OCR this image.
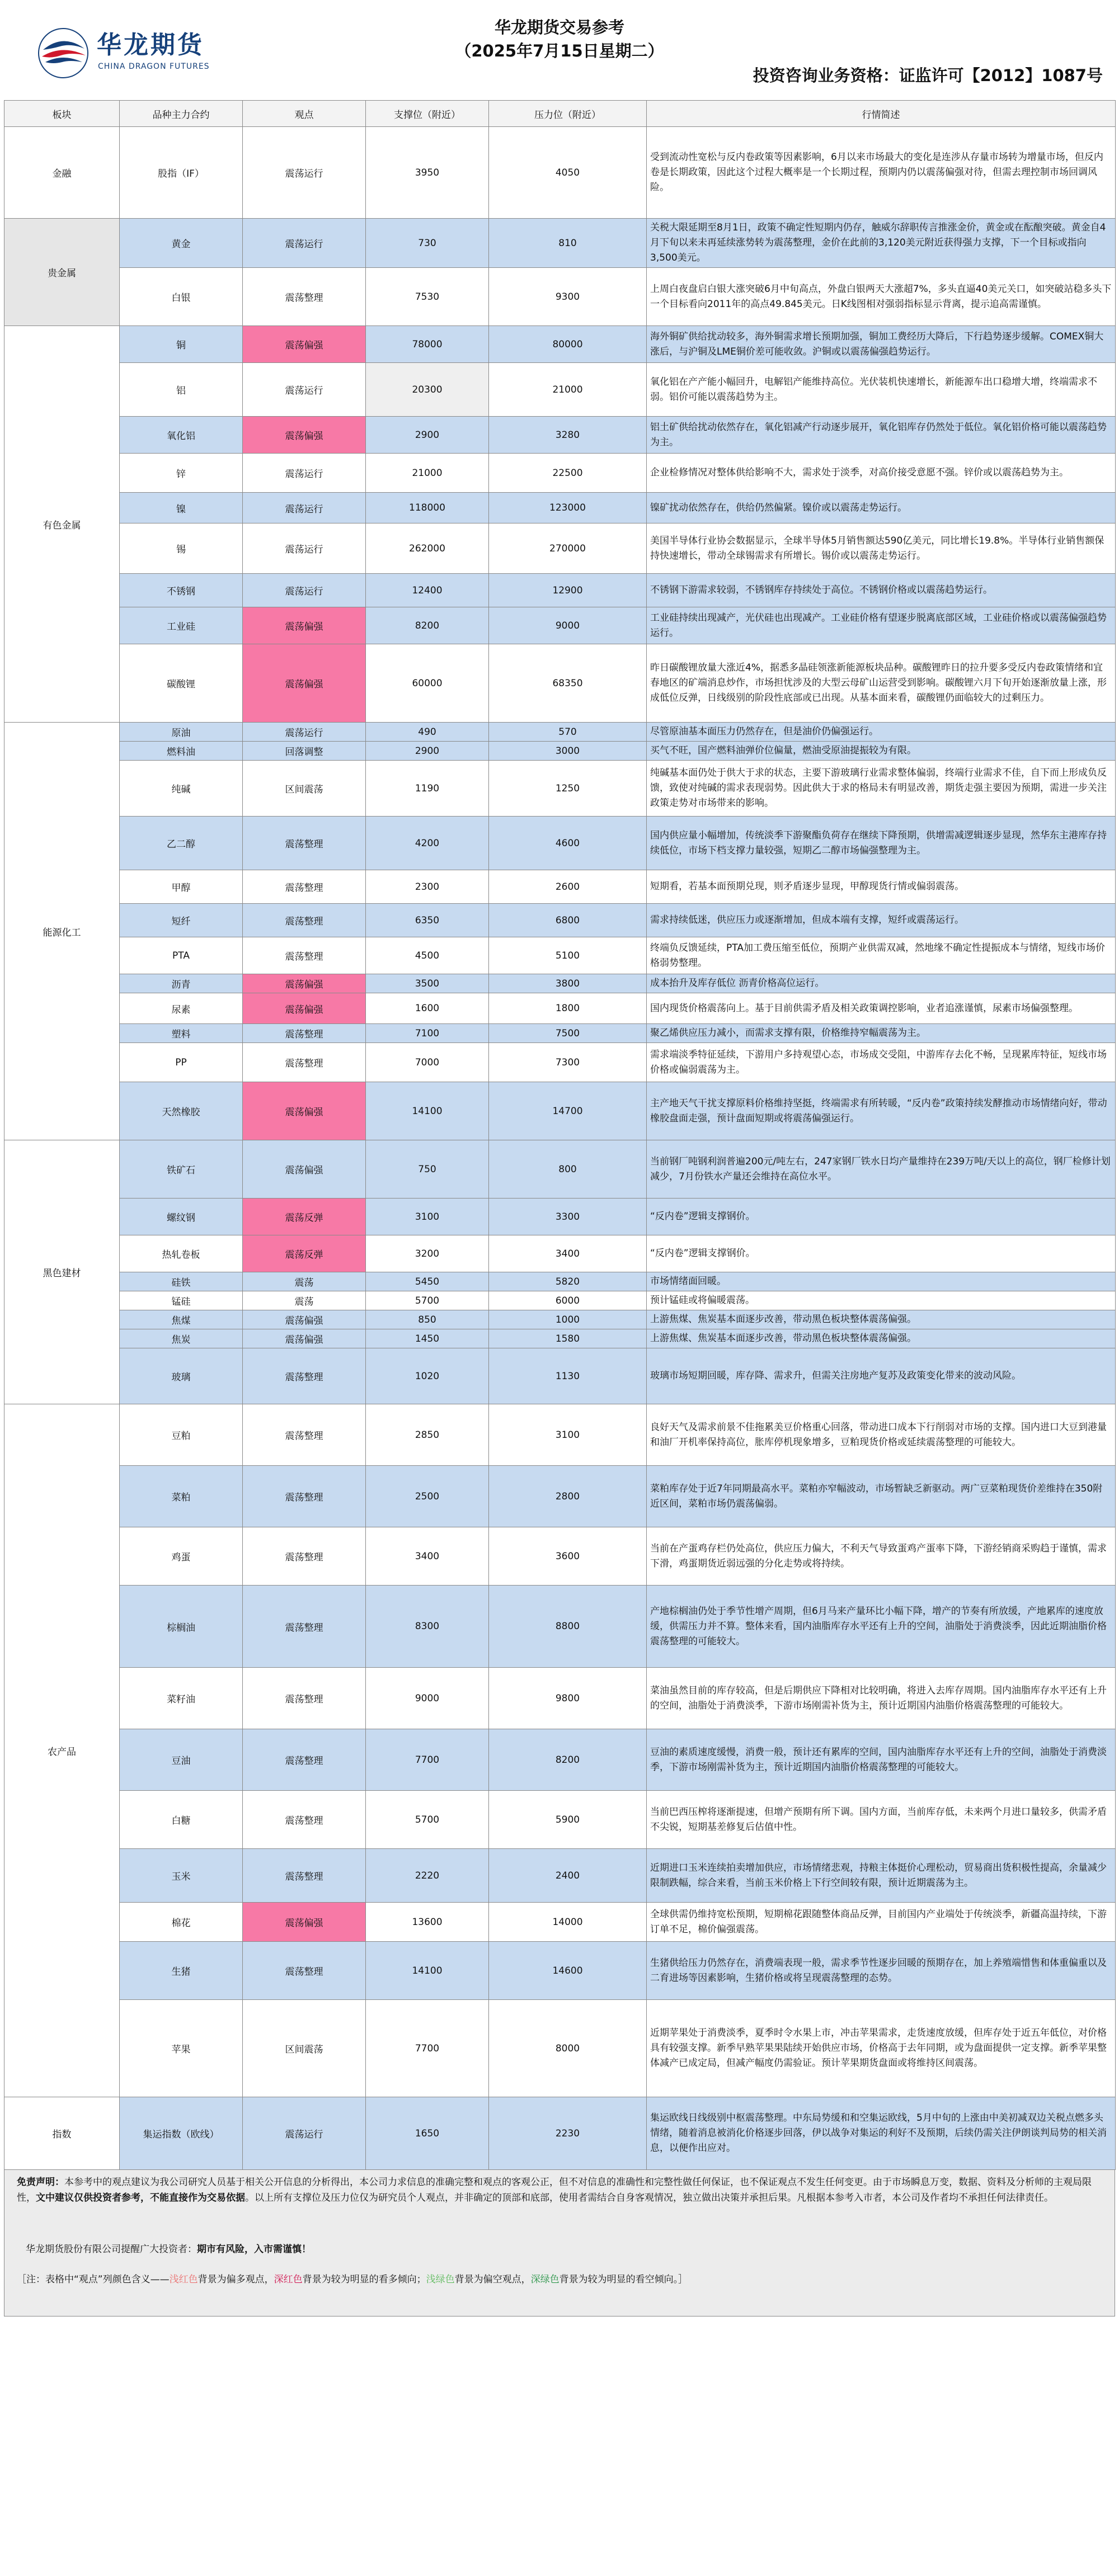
华龙期货
CHINA DRAGON FUTURES
华龙期货交易参考
（2025年7月15日星期二）
投资咨询业务资格：证监许可【2012】1087号
板块	品种主力合约	观点	支撑位（附近）	压力位（附近）	行情简述
金融	股指（IF）	震荡运行	3950	4050	受到流动性宽松与反内卷政策等因素影响，6月以来市场最大的变化是连涉从存量市场转为增量市场，但反内卷是长期政策，因此这个过程大概率是一个长期过程，预期内仍以震荡偏强对待，但需去理控制市场回调风险。
贵金属	黄金	震荡运行	730	810	关税大限延期至8月1日，政策不确定性短期内仍存，触威尔辞职传言推涨金价，黄金或在酝酿突破。黄金自4月下旬以来未再延续涨势转为震荡整理，金价在此前的3,120美元附近获得强力支撑，下一个目标或指向3,500美元。
	白银	震荡整理	7530	9300	上周白夜盘启白银大涨突破6月中旬高点，外盘白银两天大涨超7%，多头直逼40美元关口，如突破站稳多头下一个目标看向2011年的高点49.845美元。日K线图相对强弱指标显示背离，提示追高需谨慎。
有色金属	铜	震荡偏强	78000	80000	海外铜矿供给扰动较多，海外铜需求增长预期加强，铜加工费经历大降后，下行趋势逐步缓解。COMEX铜大涨后，与沪铜及LME铜价差可能收敛。沪铜或以震荡偏强趋势运行。
	铝	震荡运行	20300	21000	氧化铝在产产能小幅回升，电解铝产能维持高位。光伏装机快速增长，新能源车出口稳增大增，终端需求不弱。铝价可能以震荡趋势为主。
	氧化铝	震荡偏强	2900	3280	铝土矿供给扰动依然存在，氧化铝减产行动逐步展开，氧化铝库存仍然处于低位。氧化铝价格可能以震荡趋势为主。
	锌	震荡运行	21000	22500	企业检修情况对整体供给影响不大，需求处于淡季，对高价接受意愿不强。锌价或以震荡趋势为主。
	镍	震荡运行	118000	123000	镍矿扰动依然存在，供给仍然偏紧。镍价或以震荡走势运行。
	锡	震荡运行	262000	270000	美国半导体行业协会数据显示，全球半导体5月销售额达590亿美元，同比增长19.8%。半导体行业销售额保持快速增长，带动全球锡需求有所增长。锡价或以震荡走势运行。
	不锈钢	震荡运行	12400	12900	不锈钢下游需求较弱，不锈钢库存持续处于高位。不锈钢价格或以震荡趋势运行。
	工业硅	震荡偏强	8200	9000	工业硅持续出现减产，光伏硅也出现减产。工业硅价格有望逐步脱离底部区域，工业硅价格或以震荡偏强趋势运行。
	碳酸锂	震荡偏强	60000	68350	昨日碳酸锂放量大涨近4%，据悉多晶硅领涨新能源板块品种。碳酸锂昨日的拉升要多受反内卷政策情绪和宜春地区的矿端消息炒作，市场担忧涉及的大型云母矿山运营受到影响。碳酸锂六月下旬开始逐渐放量上涨，形成低位反弹，日线级别的阶段性底部或已出现。从基本面来看，碳酸锂仍面临较大的过剩压力。
能源化工	原油	震荡运行	490	570	尽管原油基本面压力仍然存在，但是油价仍偏强运行。
	燃料油	回落调整	2900	3000	买气不旺，国产燃料油弹价位偏量，燃油受原油提振较为有限。
	纯碱	区间震荡	1190	1250	纯碱基本面仍处于供大于求的状态，主要下游玻璃行业需求整体偏弱，终端行业需求不佳，自下而上形成负反馈，致使对纯碱的需求表现弱势。因此供大于求的格局未有明显改善，期货走强主要因为预期，需进一步关注政策走势对市场带来的影响。
	乙二醇	震荡整理	4200	4600	国内供应量小幅增加，传统淡季下游聚酯负荷存在继续下降预期，供增需减逻辑逐步显现，然华东主港库存持续低位，市场下档支撑力量较强，短期乙二醇市场偏强整理为主。
	甲醇	震荡整理	2300	2600	短期看，若基本面预期兑现，则矛盾逐步显现，甲醇现货行情或偏弱震荡。
	短纤	震荡整理	6350	6800	需求持续低迷，供应压力或逐渐增加，但成本端有支撑，短纤或震荡运行。
	PTA	震荡整理	4500	5100	终端负反馈延续，PTA加工费压缩至低位，预期产业供需双减，然地缘不确定性提振成本与情绪，短线市场价格弱势整理。
	沥青	震荡偏强	3500	3800	成本抬升及库存低位 沥青价格高位运行。
	尿素	震荡偏强	1600	1800	国内现货价格震荡向上。基于目前供需矛盾及相关政策调控影响，业者追涨谨慎，尿素市场偏强整理。
	塑料	震荡整理	7100	7500	聚乙烯供应压力减小，而需求支撑有限，价格维持窄幅震荡为主。
	PP	震荡整理	7000	7300	需求端淡季特征延续，下游用户多持观望心态，市场成交受阻，中游库存去化不畅，呈现累库特征，短线市场价格或偏弱震荡为主。
	天然橡胶	震荡偏强	14100	14700	主产地天气干扰支撑原料价格维持坚挺，终端需求有所转暖，“反内卷”政策持续发酵推动市场情绪向好，带动橡胶盘面走强，预计盘面短期或将震荡偏强运行。
黑色建材	铁矿石	震荡偏强	750	800	当前钢厂吨钢利润普遍200元/吨左右，247家钢厂铁水日均产量维持在239万吨/天以上的高位，钢厂检修计划减少，7月份铁水产量还会维持在高位水平。
	螺纹钢	震荡反弹	3100	3300	“反内卷”逻辑支撑钢价。
	热轧卷板	震荡反弹	3200	3400	“反内卷”逻辑支撑钢价。
	硅铁	震荡	5450	5820	市场情绪面回暖。
	锰硅	震荡	5700	6000	预计锰硅或将偏暖震荡。
	焦煤	震荡偏强	850	1000	上游焦煤、焦炭基本面逐步改善，带动黑色板块整体震荡偏强。
	焦炭	震荡偏强	1450	1580	上游焦煤、焦炭基本面逐步改善，带动黑色板块整体震荡偏强。
	玻璃	震荡整理	1020	1130	玻璃市场短期回暖，库存降、需求升，但需关注房地产复苏及政策变化带来的波动风险。
农产品	豆粕	震荡整理	2850	3100	良好天气及需求前景不佳拖累美豆价格重心回落，带动进口成本下行削弱对市场的支撑。国内进口大豆到港量和油厂开机率保持高位，胀库停机现象增多，豆粕现货价格或延续震荡整理的可能较大。
	菜粕	震荡整理	2500	2800	菜粕库存处于近7年同期最高水平。菜粕亦窄幅波动，市场暂缺乏新驱动。两广豆菜粕现货价差维持在350附近区间，菜粕市场仍震荡偏弱。
	鸡蛋	震荡整理	3400	3600	当前在产蛋鸡存栏仍处高位，供应压力偏大，不利天气导致蛋鸡产蛋率下降，下游经销商采购趋于谨慎，需求下滑，鸡蛋期货近弱远强的分化走势或将持续。
	棕榈油	震荡整理	8300	8800	产地棕榈油仍处于季节性增产周期，但6月马来产量环比小幅下降，增产的节奏有所放缓，产地累库的速度放缓，供需压力并不算。整体来看，国内油脂库存水平还有上升的空间，油脂处于消费淡季，因此近期油脂价格震荡整理的可能较大。
	菜籽油	震荡整理	9000	9800	菜油虽然目前的库存较高，但是后期供应下降相对比较明确，将进入去库存周期。国内油脂库存水平还有上升的空间，油脂处于消费淡季，下游市场刚需补货为主，预计近期国内油脂价格震荡整理的可能较大。
	豆油	震荡整理	7700	8200	豆油的素质速度缓慢，消费一般，预计还有累库的空间，国内油脂库存水平还有上升的空间，油脂处于消费淡季，下游市场刚需补货为主，预计近期国内油脂价格震荡整理的可能较大。
	白糖	震荡整理	5700	5900	当前巴西压榨将逐渐提速，但增产预期有所下调。国内方面，当前库存低，未来两个月进口量较多，供需矛盾不尖锐，短期基差修复后估值中性。
	玉米	震荡整理	2220	2400	近期进口玉米连续拍卖增加供应，市场情绪悲观，持粮主体挺价心理松动，贸易商出货积极性提高，余量减少限制跌幅，综合来看，当前玉米价格上下行空间较有限，预计近期震荡为主。
	棉花	震荡偏强	13600	14000	全球供需仍维持宽松预期，短期棉花跟随整体商品反弹，目前国内产业端处于传统淡季，新疆高温持续，下游订单不足，棉价偏强震荡。
	生猪	震荡整理	14100	14600	生猪供给压力仍然存在，消费端表现一般，需求季节性逐步回暖的预期存在，加上养殖端惜售和体重偏重以及二育进场等因素影响，生猪价格或将呈现震荡整理的态势。
	苹果	区间震荡	7700	8000	近期苹果处于消费淡季，夏季时令水果上市，冲击苹果需求，走货速度放缓，但库存处于近五年低位，对价格具有较强支撑。新季早熟苹果果陆续开始供应市场，价格高于去年同期，或为盘面提供一定支撑。新季苹果整体减产已成定局，但减产幅度仍需验证。预计苹果期货盘面或将维持区间震荡。
指数	集运指数（欧线）	震荡运行	1650	2230	集运欧线日线级别中枢震荡整理。中东局势缓和和空集运欧线，5月中旬的上涨由中美初减双边关税点燃多头情绪，随着消息被消化价格逐步回落，伊以战争对集运的利好不及预期，后续仍需关注伊朗谈判局势的相关消息，以便作出应对。
免责声明：本参考中的观点建议为我公司研究人员基于相关公开信息的分析得出，本公司力求信息的准确完整和观点的客观公正，但不对信息的准确性和完整性做任何保证，也不保证观点不发生任何变更。由于市场瞬息万变，数据、资料及分析师的主观局限性，文中建议仅供投资者参考，不能直接作为交易依据。以上所有支撑位及压力位仅为研究员个人观点，并非确定的顶部和底部，使用者需结合自身客观情况，独立做出决策并承担后果。凡根据本参考入市者，本公司及作者均不承担任何法律责任。
华龙期货股份有限公司提醒广大投资者：期市有风险，入市需谨慎！
［注：表格中“观点”列颜色含义——浅红色背景为偏多观点，深红色背景为较为明显的看多倾向；浅绿色背景为偏空观点，深绿色背景为较为明显的看空倾向。］
